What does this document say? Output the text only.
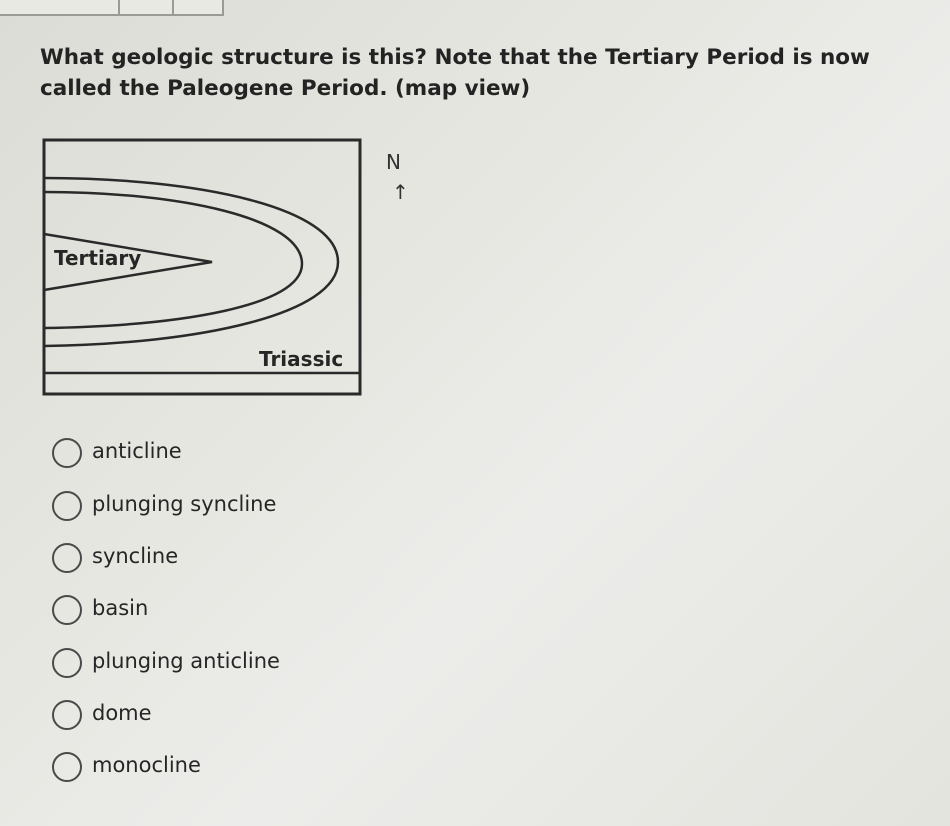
What geologic structure is this? Note that the Tertiary Period is now called the Paleogene Period. (map view)

Tertiary
Triassic
N
↑
anticline
plunging syncline
syncline
basin
plunging anticline
dome
monocline
